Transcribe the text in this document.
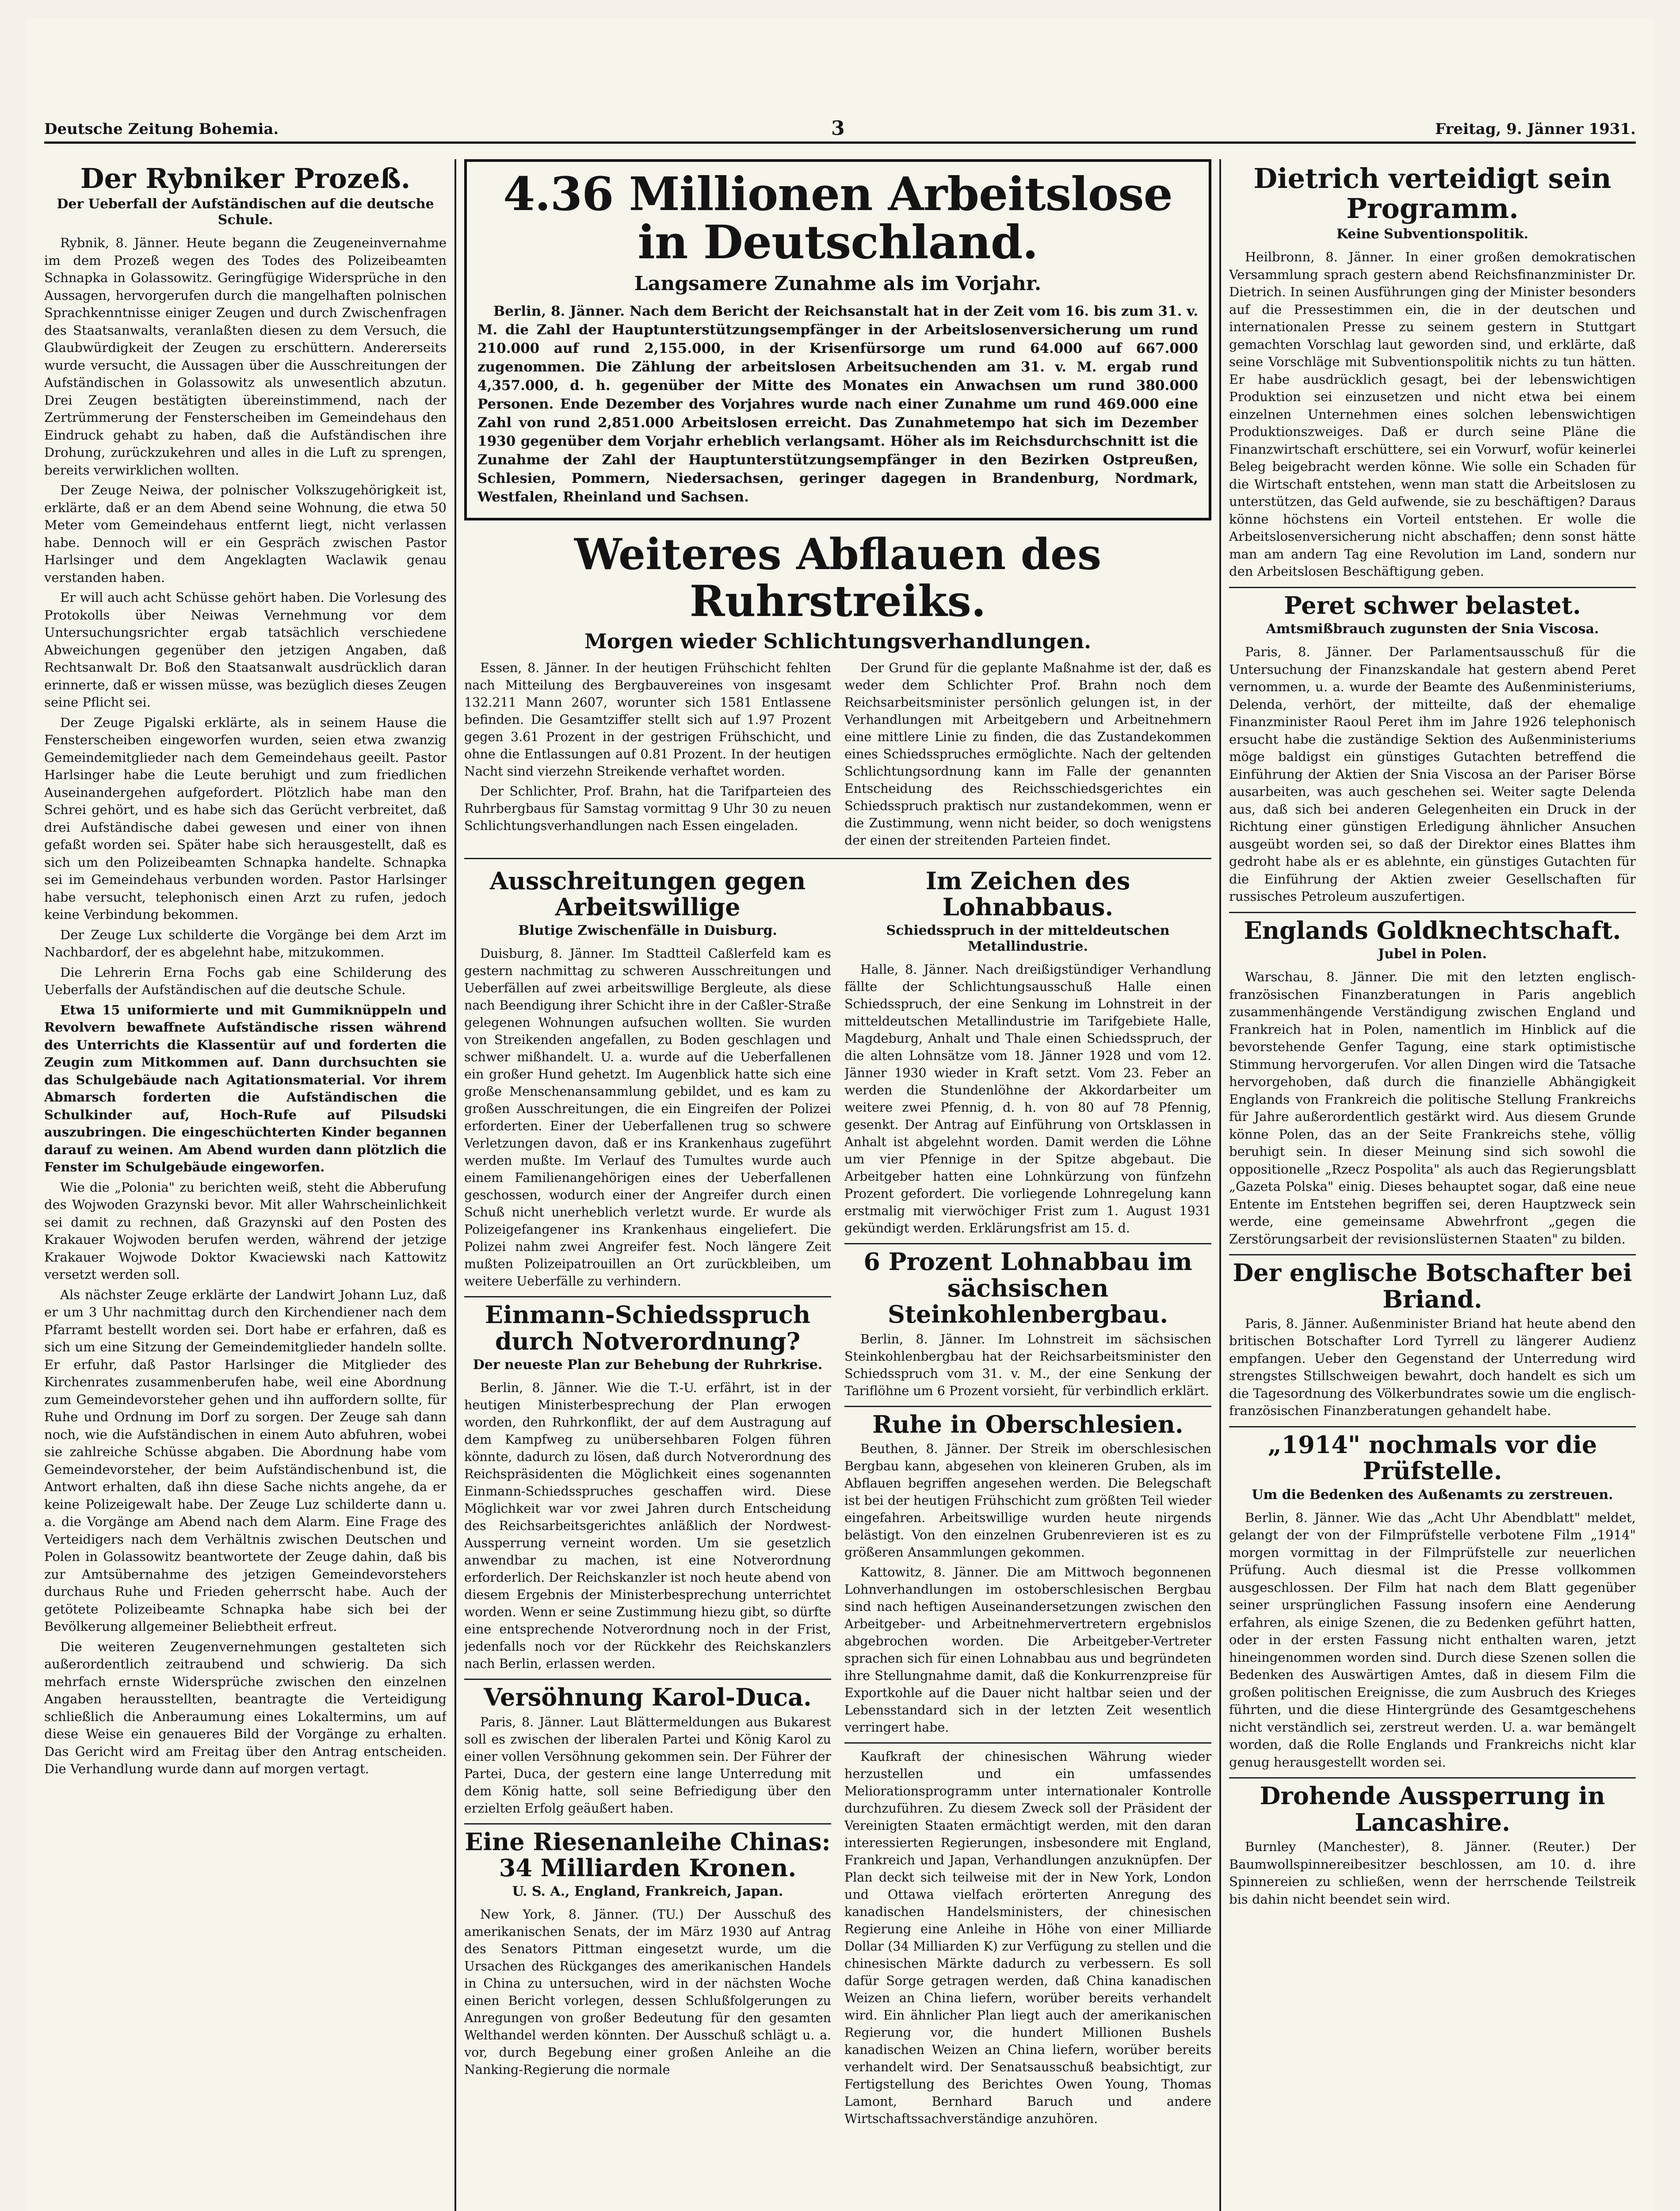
Deutsche Zeitung Bohemia.	3	Freitag, 9. Jänner 1931.
Der Rybniker Prozeß.
Der Ueberfall der Aufständischen auf die deutsche Schule.

Rybnik, 8. Jänner. Heute begann die Zeugeneinvernahme im dem Prozeß wegen des Todes des Polizeibeamten Schnapka in Golassowitz. Geringfügige Widersprüche in den Aussagen, hervorgerufen durch die mangelhaften polnischen Sprachkenntnisse einiger Zeugen und durch Zwischenfragen des Staatsanwalts, veranlaßten diesen zu dem Versuch, die Glaubwürdigkeit der Zeugen zu erschüttern. Andererseits wurde versucht, die Aussagen über die Ausschreitungen der Aufständischen in Golassowitz als unwesentlich abzutun. Drei Zeugen bestätigten übereinstimmend, nach der Zertrümmerung der Fensterscheiben im Gemeindehaus den Eindruck gehabt zu haben, daß die Aufständischen ihre Drohung, zurückzukehren und alles in die Luft zu sprengen, bereits verwirklichen wollten.

Der Zeuge Neiwa, der polnischer Volkszugehörigkeit ist, erklärte, daß er an dem Abend seine Wohnung, die etwa 50 Meter vom Gemeindehaus entfernt liegt, nicht verlassen habe. Dennoch will er ein Gespräch zwischen Pastor Harlsinger und dem Angeklagten Waclawik genau verstanden haben.

Er will auch acht Schüsse gehört haben. Die Vorlesung des Protokolls über Neiwas Vernehmung vor dem Untersuchungsrichter ergab tatsächlich verschiedene Abweichungen gegenüber den jetzigen Angaben, daß Rechtsanwalt Dr. Boß den Staatsanwalt ausdrücklich daran erinnerte, daß er wissen müsse, was bezüglich dieses Zeugen seine Pflicht sei.

Der Zeuge Pigalski erklärte, als in seinem Hause die Fensterscheiben eingeworfen wurden, seien etwa zwanzig Gemeindemitglieder nach dem Gemeindehaus geeilt. Pastor Harlsinger habe die Leute beruhigt und zum friedlichen Auseinandergehen aufgefordert. Plötzlich habe man den Schrei gehört, und es habe sich das Gerücht verbreitet, daß drei Aufständische dabei gewesen und einer von ihnen gefaßt worden sei. Später habe sich herausgestellt, daß es sich um den Polizeibeamten Schnapka handelte. Schnapka sei im Gemeindehaus verbunden worden. Pastor Harlsinger habe versucht, telephonisch einen Arzt zu rufen, jedoch keine Verbindung bekommen.

Der Zeuge Lux schilderte die Vorgänge bei dem Arzt im Nachbardorf, der es abgelehnt habe, mitzukommen.

Die Lehrerin Erna Fochs gab eine Schilderung des Ueberfalls der Aufständischen auf die deutsche Schule.

Etwa 15 uniformierte und mit Gummiknüppeln und Revolvern bewaffnete Aufständische rissen während des Unterrichts die Klassentür auf und forderten die Zeugin zum Mitkommen auf. Dann durchsuchten sie das Schulgebäude nach Agitationsmaterial. Vor ihrem Abmarsch forderten die Aufständischen die Schulkinder auf, Hoch-Rufe auf Pilsudski auszubringen. Die eingeschüchterten Kinder begannen darauf zu weinen. Am Abend wurden dann plötzlich die Fenster im Schulgebäude eingeworfen.

Wie die „Polonia" zu berichten weiß, steht die Abberufung des Wojwoden Grazynski bevor. Mit aller Wahrscheinlichkeit sei damit zu rechnen, daß Grazynski auf den Posten des Krakauer Wojwoden berufen werden, während der jetzige Krakauer Wojwode Doktor Kwaciewski nach Kattowitz versetzt werden soll.

Als nächster Zeuge erklärte der Landwirt Johann Luz, daß er um 3 Uhr nachmittag durch den Kirchendiener nach dem Pfarramt bestellt worden sei. Dort habe er erfahren, daß es sich um eine Sitzung der Gemeindemitglieder handeln sollte. Er erfuhr, daß Pastor Harlsinger die Mitglieder des Kirchenrates zusammenberufen habe, weil eine Abordnung zum Gemeindevorsteher gehen und ihn auffordern sollte, für Ruhe und Ordnung im Dorf zu sorgen. Der Zeuge sah dann noch, wie die Aufständischen in einem Auto abfuhren, wobei sie zahlreiche Schüsse abgaben. Die Abordnung habe vom Gemeindevorsteher, der beim Aufständischenbund ist, die Antwort erhalten, daß ihn diese Sache nichts angehe, da er keine Polizeigewalt habe. Der Zeuge Luz schilderte dann u. a. die Vorgänge am Abend nach dem Alarm. Eine Frage des Verteidigers nach dem Verhältnis zwischen Deutschen und Polen in Golassowitz beantwortete der Zeuge dahin, daß bis zur Amtsübernahme des jetzigen Gemeindevorstehers durchaus Ruhe und Frieden geherrscht habe. Auch der getötete Polizeibeamte Schnapka habe sich bei der Bevölkerung allgemeiner Beliebtheit erfreut.

Die weiteren Zeugenvernehmungen gestalteten sich außerordentlich zeitraubend und schwierig. Da sich mehrfach ernste Widersprüche zwischen den einzelnen Angaben herausstellten, beantragte die Verteidigung schließlich die Anberaumung eines Lokaltermins, um auf diese Weise ein genaueres Bild der Vorgänge zu erhalten. Das Gericht wird am Freitag über den Antrag entscheiden. Die Verhandlung wurde dann auf morgen vertagt.

4.36 Millionen Arbeitslose in Deutschland.
Langsamere Zunahme als im Vorjahr.

Berlin, 8. Jänner. Nach dem Bericht der Reichsanstalt hat in der Zeit vom 16. bis zum 31. v. M. die Zahl der Hauptunterstützungsempfänger in der Arbeitslosenversicherung um rund 210.000 auf rund 2,155.000, in der Krisenfürsorge um rund 64.000 auf 667.000 zugenommen. Die Zählung der arbeitslosen Arbeitsuchenden am 31. v. M. ergab rund 4,357.000, d. h. gegenüber der Mitte des Monates ein Anwachsen um rund 380.000 Personen. Ende Dezember des Vorjahres wurde nach einer Zunahme um rund 469.000 eine Zahl von rund 2,851.000 Arbeitslosen erreicht. Das Zunahmetempo hat sich im Dezember 1930 gegenüber dem Vorjahr erheblich verlangsamt. Höher als im Reichsdurchschnitt ist die Zunahme der Zahl der Hauptunterstützungsempfänger in den Bezirken Ostpreußen, Schlesien, Pommern, Niedersachsen, geringer dagegen in Brandenburg, Nordmark, Westfalen, Rheinland und Sachsen.

Weiteres Abflauen des Ruhrstreiks.
Morgen wieder Schlichtungsverhandlungen.

Essen, 8. Jänner. In der heutigen Frühschicht fehlten nach Mitteilung des Bergbauvereines von insgesamt 132.211 Mann 2607, worunter sich 1581 Entlassene befinden. Die Gesamtziffer stellt sich auf 1.97 Prozent gegen 3.61 Prozent in der gestrigen Frühschicht, und ohne die Entlassungen auf 0.81 Prozent. In der heutigen Nacht sind vierzehn Streikende verhaftet worden.

Der Schlichter, Prof. Brahn, hat die Tarifparteien des Ruhrbergbaus für Samstag vormittag 9 Uhr 30 zu neuen Schlichtungsverhandlungen nach Essen eingeladen.

Der Grund für die geplante Maßnahme ist der, daß es weder dem Schlichter Prof. Brahn noch dem Reichsarbeitsminister persönlich gelungen ist, in der Verhandlungen mit Arbeitgebern und Arbeitnehmern eine mittlere Linie zu finden, die das Zustandekommen eines Schiedsspruches ermöglichte. Nach der geltenden Schlichtungsordnung kann im Falle der genannten Entscheidung des Reichsschiedsgerichtes ein Schiedsspruch praktisch nur zustandekommen, wenn er die Zustimmung, wenn nicht beider, so doch wenigstens der einen der streitenden Parteien findet.

Ausschreitungen gegen Arbeitswillige
Blutige Zwischenfälle in Duisburg.

Duisburg, 8. Jänner. Im Stadtteil Caßlerfeld kam es gestern nachmittag zu schweren Ausschreitungen und Ueberfällen auf zwei arbeitswillige Bergleute, als diese nach Beendigung ihrer Schicht ihre in der Caßler-Straße gelegenen Wohnungen aufsuchen wollten. Sie wurden von Streikenden angefallen, zu Boden geschlagen und schwer mißhandelt. U. a. wurde auf die Ueberfallenen ein großer Hund gehetzt. Im Augenblick hatte sich eine große Menschenansammlung gebildet, und es kam zu großen Ausschreitungen, die ein Eingreifen der Polizei erforderten. Einer der Ueberfallenen trug so schwere Verletzungen davon, daß er ins Krankenhaus zugeführt werden mußte. Im Verlauf des Tumultes wurde auch einem Familienangehörigen eines der Ueberfallenen geschossen, wodurch einer der Angreifer durch einen Schuß nicht unerheblich verletzt wurde. Er wurde als Polizeigefangener ins Krankenhaus eingeliefert. Die Polizei nahm zwei Angreifer fest. Noch längere Zeit mußten Polizeipatrouillen an Ort zurückbleiben, um weitere Ueberfälle zu verhindern.

Einmann-Schiedsspruch durch Notverordnung?
Der neueste Plan zur Behebung der Ruhrkrise.

Berlin, 8. Jänner. Wie die T.-U. erfährt, ist in der heutigen Ministerbesprechung der Plan erwogen worden, den Ruhrkonflikt, der auf dem Austragung auf dem Kampfweg zu unübersehbaren Folgen führen könnte, dadurch zu lösen, daß durch Notverordnung des Reichspräsidenten die Möglichkeit eines sogenannten Einmann-Schiedsspruches geschaffen wird. Diese Möglichkeit war vor zwei Jahren durch Entscheidung des Reichsarbeitsgerichtes anläßlich der Nordwest-Aussperrung verneint worden. Um sie gesetzlich anwendbar zu machen, ist eine Notverordnung erforderlich. Der Reichskanzler ist noch heute abend von diesem Ergebnis der Ministerbesprechung unterrichtet worden. Wenn er seine Zustimmung hiezu gibt, so dürfte eine entsprechende Notverordnung noch in der Frist, jedenfalls noch vor der Rückkehr des Reichskanzlers nach Berlin, erlassen werden.

Versöhnung Karol-Duca.

Paris, 8. Jänner. Laut Blättermeldungen aus Bukarest soll es zwischen der liberalen Partei und König Karol zu einer vollen Versöhnung gekommen sein. Der Führer der Partei, Duca, der gestern eine lange Unterredung mit dem König hatte, soll seine Befriedigung über den erzielten Erfolg geäußert haben.

Eine Riesenanleihe Chinas: 34 Milliarden Kronen.
U. S. A., England, Frankreich, Japan.

New York, 8. Jänner. (TU.) Der Ausschuß des amerikanischen Senats, der im März 1930 auf Antrag des Senators Pittman eingesetzt wurde, um die Ursachen des Rückganges des amerikanischen Handels in China zu untersuchen, wird in der nächsten Woche einen Bericht vorlegen, dessen Schlußfolgerungen zu Anregungen von großer Bedeutung für den gesamten Welthandel werden könnten. Der Ausschuß schlägt u. a. vor, durch Begebung einer großen Anleihe an die Nanking-Regierung die normale

Im Zeichen des Lohnabbaus.
Schiedsspruch in der mitteldeutschen Metallindustrie.

Halle, 8. Jänner. Nach dreißigstündiger Verhandlung fällte der Schlichtungsausschuß Halle einen Schiedsspruch, der eine Senkung im Lohnstreit in der mitteldeutschen Metallindustrie im Tarifgebiete Halle, Magdeburg, Anhalt und Thale einen Schiedsspruch, der die alten Lohnsätze vom 18. Jänner 1928 und vom 12. Jänner 1930 wieder in Kraft setzt. Vom 23. Feber an werden die Stundenlöhne der Akkordarbeiter um weitere zwei Pfennig, d. h. von 80 auf 78 Pfennig, gesenkt. Der Antrag auf Einführung von Ortsklassen in Anhalt ist abgelehnt worden. Damit werden die Löhne um vier Pfennige in der Spitze abgebaut. Die Arbeitgeber hatten eine Lohnkürzung von fünfzehn Prozent gefordert. Die vorliegende Lohnregelung kann erstmalig mit vierwöchiger Frist zum 1. August 1931 gekündigt werden. Erklärungsfrist am 15. d.

6 Prozent Lohnabbau im sächsischen Steinkohlenbergbau.

Berlin, 8. Jänner. Im Lohnstreit im sächsischen Steinkohlenbergbau hat der Reichsarbeitsminister den Schiedsspruch vom 31. v. M., der eine Senkung der Tariflöhne um 6 Prozent vorsieht, für verbindlich erklärt.

Ruhe in Oberschlesien.

Beuthen, 8. Jänner. Der Streik im oberschlesischen Bergbau kann, abgesehen von kleineren Gruben, als im Abflauen begriffen angesehen werden. Die Belegschaft ist bei der heutigen Frühschicht zum größten Teil wieder eingefahren. Arbeitswillige wurden heute nirgends belästigt. Von den einzelnen Grubenrevieren ist es zu größeren Ansammlungen gekommen.

Kattowitz, 8. Jänner. Die am Mittwoch begonnenen Lohnverhandlungen im ostoberschlesischen Bergbau sind nach heftigen Auseinandersetzungen zwischen den Arbeitgeber- und Arbeitnehmervertretern ergebnislos abgebrochen worden. Die Arbeitgeber-Vertreter sprachen sich für einen Lohnabbau aus und begründeten ihre Stellungnahme damit, daß die Konkurrenzpreise für Exportkohle auf die Dauer nicht haltbar seien und der Lebensstandard sich in der letzten Zeit wesentlich verringert habe.

Kaufkraft der chinesischen Währung wieder herzustellen und ein umfassendes Meliorationsprogramm unter internationaler Kontrolle durchzuführen. Zu diesem Zweck soll der Präsident der Vereinigten Staaten ermächtigt werden, mit den daran interessierten Regierungen, insbesondere mit England, Frankreich und Japan, Verhandlungen anzuknüpfen. Der Plan deckt sich teilweise mit der in New York, London und Ottawa vielfach erörterten Anregung des kanadischen Handelsministers, der chinesischen Regierung eine Anleihe in Höhe von einer Milliarde Dollar (34 Milliarden K) zur Verfügung zu stellen und die chinesischen Märkte dadurch zu verbessern. Es soll dafür Sorge getragen werden, daß China kanadischen Weizen an China liefern, worüber bereits verhandelt wird. Ein ähnlicher Plan liegt auch der amerikanischen Regierung vor, die hundert Millionen Bushels kanadischen Weizen an China liefern, worüber bereits verhandelt wird. Der Senatsausschuß beabsichtigt, zur Fertigstellung des Berichtes Owen Young, Thomas Lamont, Bernhard Baruch und andere Wirtschaftssachverständige anzuhören.

Dietrich verteidigt sein Programm.
Keine Subventionspolitik.

Heilbronn, 8. Jänner. In einer großen demokratischen Versammlung sprach gestern abend Reichsfinanzminister Dr. Dietrich. In seinen Ausführungen ging der Minister besonders auf die Pressestimmen ein, die in der deutschen und internationalen Presse zu seinem gestern in Stuttgart gemachten Vorschlag laut geworden sind, und erklärte, daß seine Vorschläge mit Subventionspolitik nichts zu tun hätten. Er habe ausdrücklich gesagt, bei der lebenswichtigen Produktion sei einzusetzen und nicht etwa bei einem einzelnen Unternehmen eines solchen lebenswichtigen Produktionszweiges. Daß er durch seine Pläne die Finanzwirtschaft erschüttere, sei ein Vorwurf, wofür keinerlei Beleg beigebracht werden könne. Wie solle ein Schaden für die Wirtschaft entstehen, wenn man statt die Arbeitslosen zu unterstützen, das Geld aufwende, sie zu beschäftigen? Daraus könne höchstens ein Vorteil entstehen. Er wolle die Arbeitslosenversicherung nicht abschaffen; denn sonst hätte man am andern Tag eine Revolution im Land, sondern nur den Arbeitslosen Beschäftigung geben.

Peret schwer belastet.
Amtsmißbrauch zugunsten der Snia Viscosa.

Paris, 8. Jänner. Der Parlamentsausschuß für die Untersuchung der Finanzskandale hat gestern abend Peret vernommen, u. a. wurde der Beamte des Außenministeriums, Delenda, verhört, der mitteilte, daß der ehemalige Finanzminister Raoul Peret ihm im Jahre 1926 telephonisch ersucht habe die zuständige Sektion des Außenministeriums möge baldigst ein günstiges Gutachten betreffend die Einführung der Aktien der Snia Viscosa an der Pariser Börse ausarbeiten, was auch geschehen sei. Weiter sagte Delenda aus, daß sich bei anderen Gelegenheiten ein Druck in der Richtung einer günstigen Erledigung ähnlicher Ansuchen ausgeübt worden sei, so daß der Direktor eines Blattes ihm gedroht habe als er es ablehnte, ein günstiges Gutachten für die Einführung der Aktien zweier Gesellschaften für russisches Petroleum auszufertigen.

Englands Goldknechtschaft.
Jubel in Polen.

Warschau, 8. Jänner. Die mit den letzten englisch-französischen Finanzberatungen in Paris angeblich zusammenhängende Verständigung zwischen England und Frankreich hat in Polen, namentlich im Hinblick auf die bevorstehende Genfer Tagung, eine stark optimistische Stimmung hervorgerufen. Vor allen Dingen wird die Tatsache hervorgehoben, daß durch die finanzielle Abhängigkeit Englands von Frankreich die politische Stellung Frankreichs für Jahre außerordentlich gestärkt wird. Aus diesem Grunde könne Polen, das an der Seite Frankreichs stehe, völlig beruhigt sein. In dieser Meinung sind sich sowohl die oppositionelle „Rzecz Pospolita" als auch das Regierungsblatt „Gazeta Polska" einig. Dieses behauptet sogar, daß eine neue Entente im Entstehen begriffen sei, deren Hauptzweck sein werde, eine gemeinsame Abwehrfront „gegen die Zerstörungsarbeit der revisionslüsternen Staaten" zu bilden.

Der englische Botschafter bei Briand.

Paris, 8. Jänner. Außenminister Briand hat heute abend den britischen Botschafter Lord Tyrrell zu längerer Audienz empfangen. Ueber den Gegenstand der Unterredung wird strengstes Stillschweigen bewahrt, doch handelt es sich um die Tagesordnung des Völkerbundrates sowie um die englisch-französischen Finanzberatungen gehandelt habe.

„1914" nochmals vor die Prüfstelle.
Um die Bedenken des Außenamts zu zerstreuen.

Berlin, 8. Jänner. Wie das „Acht Uhr Abendblatt" meldet, gelangt der von der Filmprüfstelle verbotene Film „1914" morgen vormittag in der Filmprüfstelle zur neuerlichen Prüfung. Auch diesmal ist die Presse vollkommen ausgeschlossen. Der Film hat nach dem Blatt gegenüber seiner ursprünglichen Fassung insofern eine Aenderung erfahren, als einige Szenen, die zu Bedenken geführt hatten, oder in der ersten Fassung nicht enthalten waren, jetzt hineingenommen worden sind. Durch diese Szenen sollen die Bedenken des Auswärtigen Amtes, daß in diesem Film die großen politischen Ereignisse, die zum Ausbruch des Krieges führten, und die diese Hintergründe des Gesamtgeschehens nicht verständlich sei, zerstreut werden. U. a. war bemängelt worden, daß die Rolle Englands und Frankreichs nicht klar genug herausgestellt worden sei.

Drohende Aussperrung in Lancashire.

Burnley (Manchester), 8. Jänner. (Reuter.) Der Baumwollspinnereibesitzer beschlossen, am 10. d. ihre Spinnereien zu schließen, wenn der herrschende Teilstreik bis dahin nicht beendet sein wird.
